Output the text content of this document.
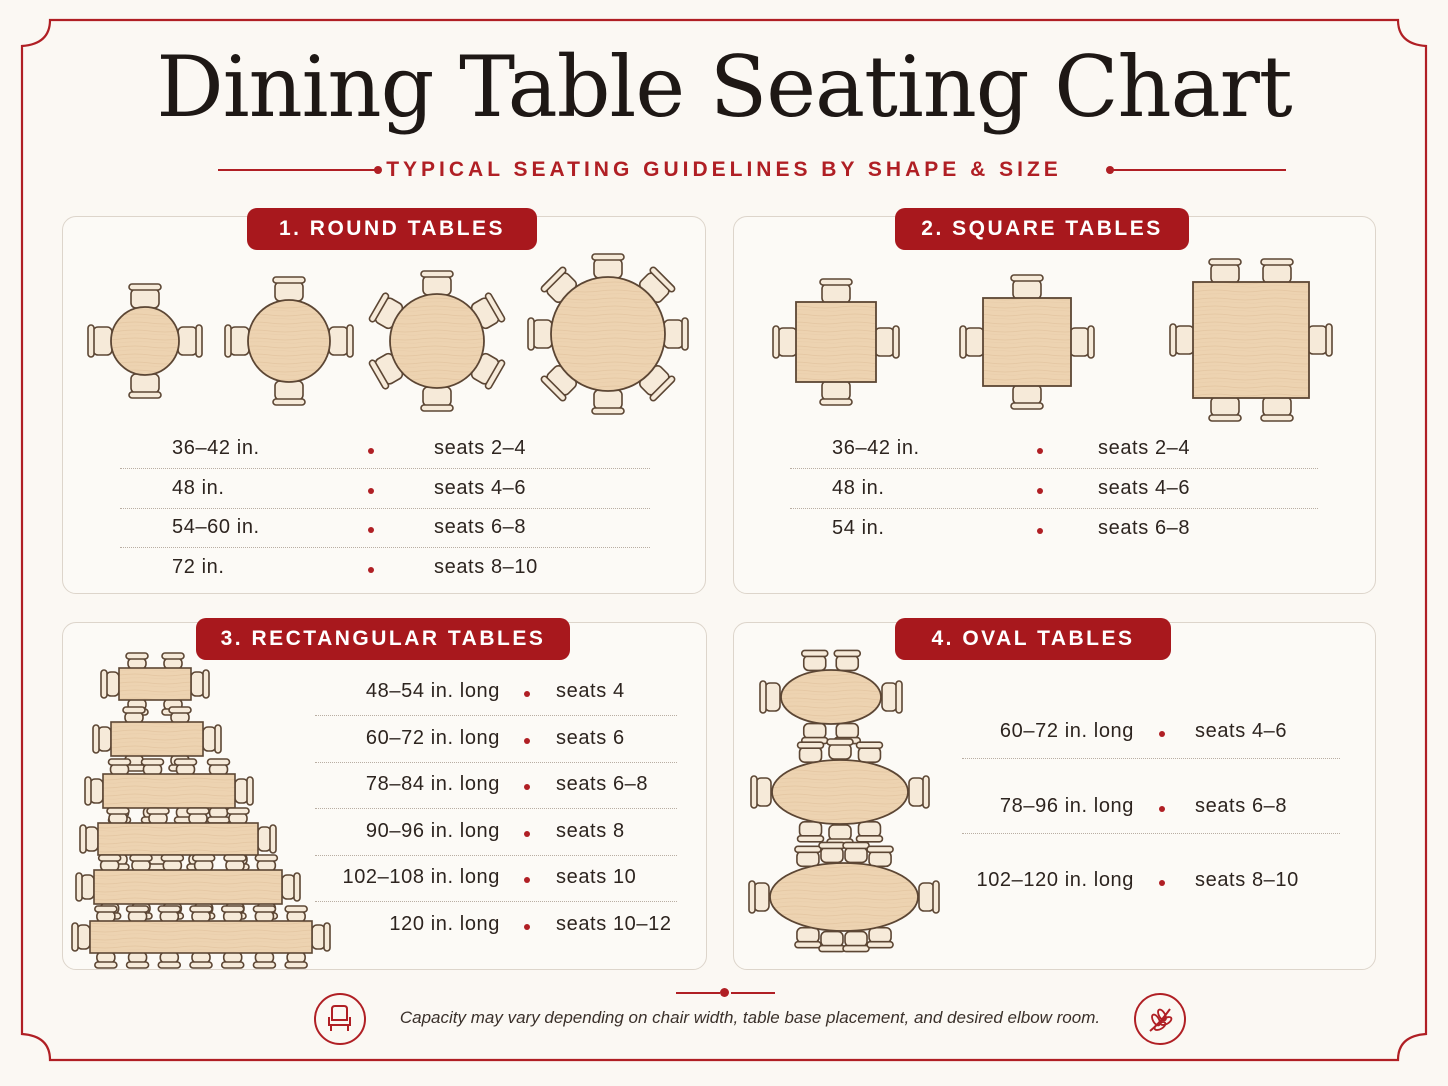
Dining Table Seating Chart
TYPICAL SEATING GUIDELINES BY SHAPE & SIZE
1. ROUND TABLES	2. SQUARE TABLES
3. RECTANGULAR TABLES	4. OVAL TABLES
36–42 in.	seats 2–4
48 in.	seats 4–6
54–60 in.	seats 6–8
72 in.	seats 8–10
36–42 in.	seats 2–4
48 in.	seats 4–6
54 in.	seats 6–8
48–54 in. long	seats 4
60–72 in. long	seats 6
78–84 in. long	seats 6–8
90–96 in. long	seats 8
102–108 in. long	seats 10
120 in. long	seats 10–12
60–72 in. long	seats 4–6
78–96 in. long	seats 6–8
102–120 in. long	seats 8–10
Capacity may vary depending on chair width, table base placement, and desired elbow room.
